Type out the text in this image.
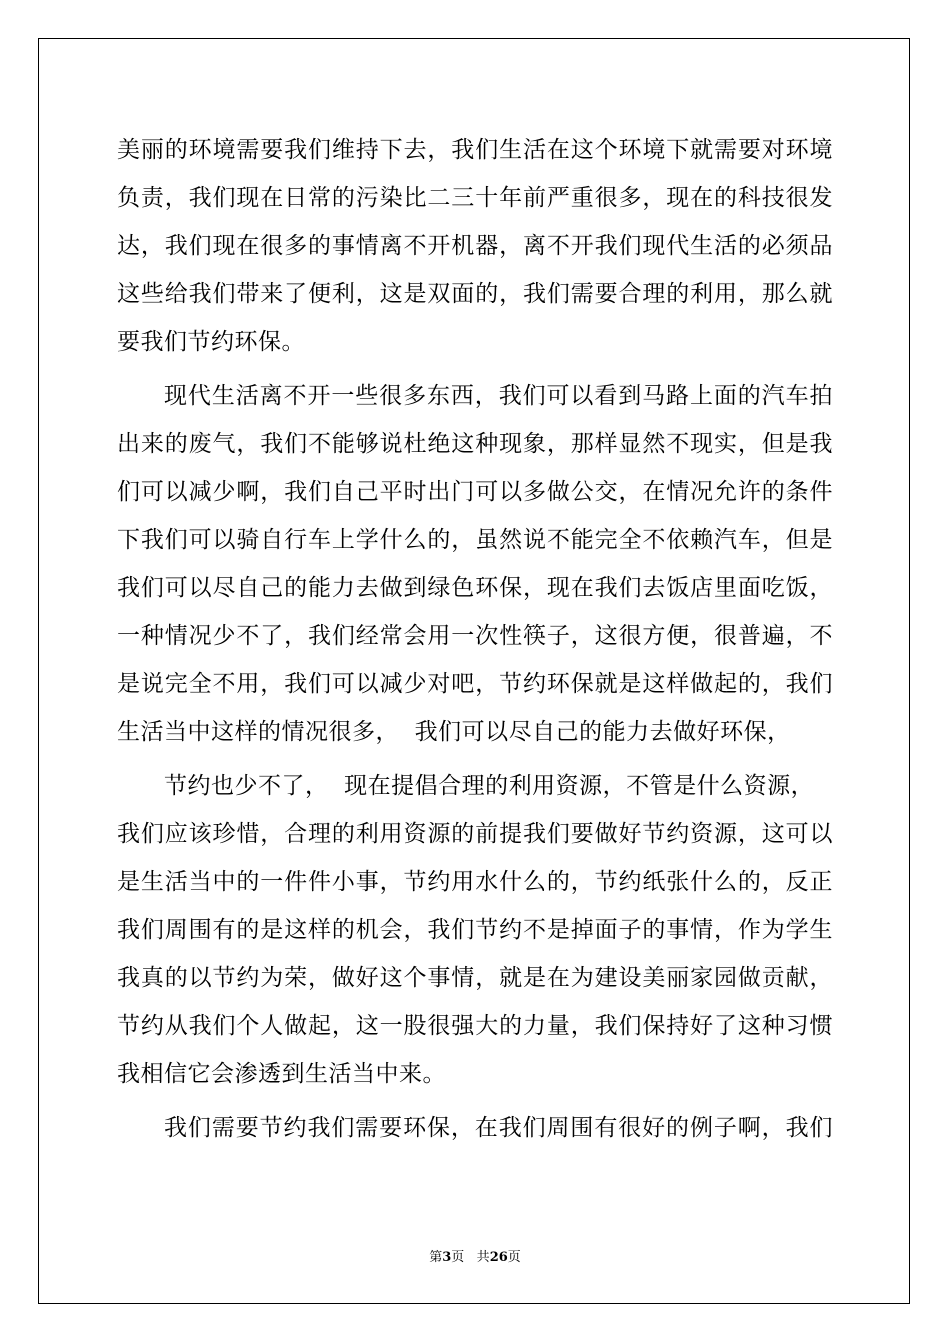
美丽的环境需要我们维持下去，我们生活在这个环境下就需要对环境
负责，我们现在日常的污染比二三十年前严重很多，现在的科技很发
达，我们现在很多的事情离不开机器，离不开我们现代生活的必须品
这些给我们带来了便利，这是双面的，我们需要合理的利用，那么就
要我们节约环保。
现代生活离不开一些很多东西，我们可以看到马路上面的汽车拍
出来的废气，我们不能够说杜绝这种现象，那样显然不现实，但是我
们可以减少啊，我们自己平时出门可以多做公交，在情况允许的条件
下我们可以骑自行车上学什么的，虽然说不能完全不依赖汽车，但是
我们可以尽自己的能力去做到绿色环保，现在我们去饭店里面吃饭，
一种情况少不了，我们经常会用一次性筷子，这很方便，很普遍，不
是说完全不用，我们可以减少对吧，节约环保就是这样做起的，我们
生活当中这样的情况很多，  我们可以尽自己的能力去做好环保，
节约也少不了，  现在提倡合理的利用资源，不管是什么资源，
我们应该珍惜，合理的利用资源的前提我们要做好节约资源，这可以
是生活当中的一件件小事，节约用水什么的，节约纸张什么的，反正
我们周围有的是这样的机会，我们节约不是掉面子的事情，作为学生
我真的以节约为荣，做好这个事情，就是在为建设美丽家园做贡献，
节约从我们个人做起，这一股很强大的力量，我们保持好了这种习惯
我相信它会渗透到生活当中来。
我们需要节约我们需要环保，在我们周围有很好的例子啊，我们
第3页 共26页
